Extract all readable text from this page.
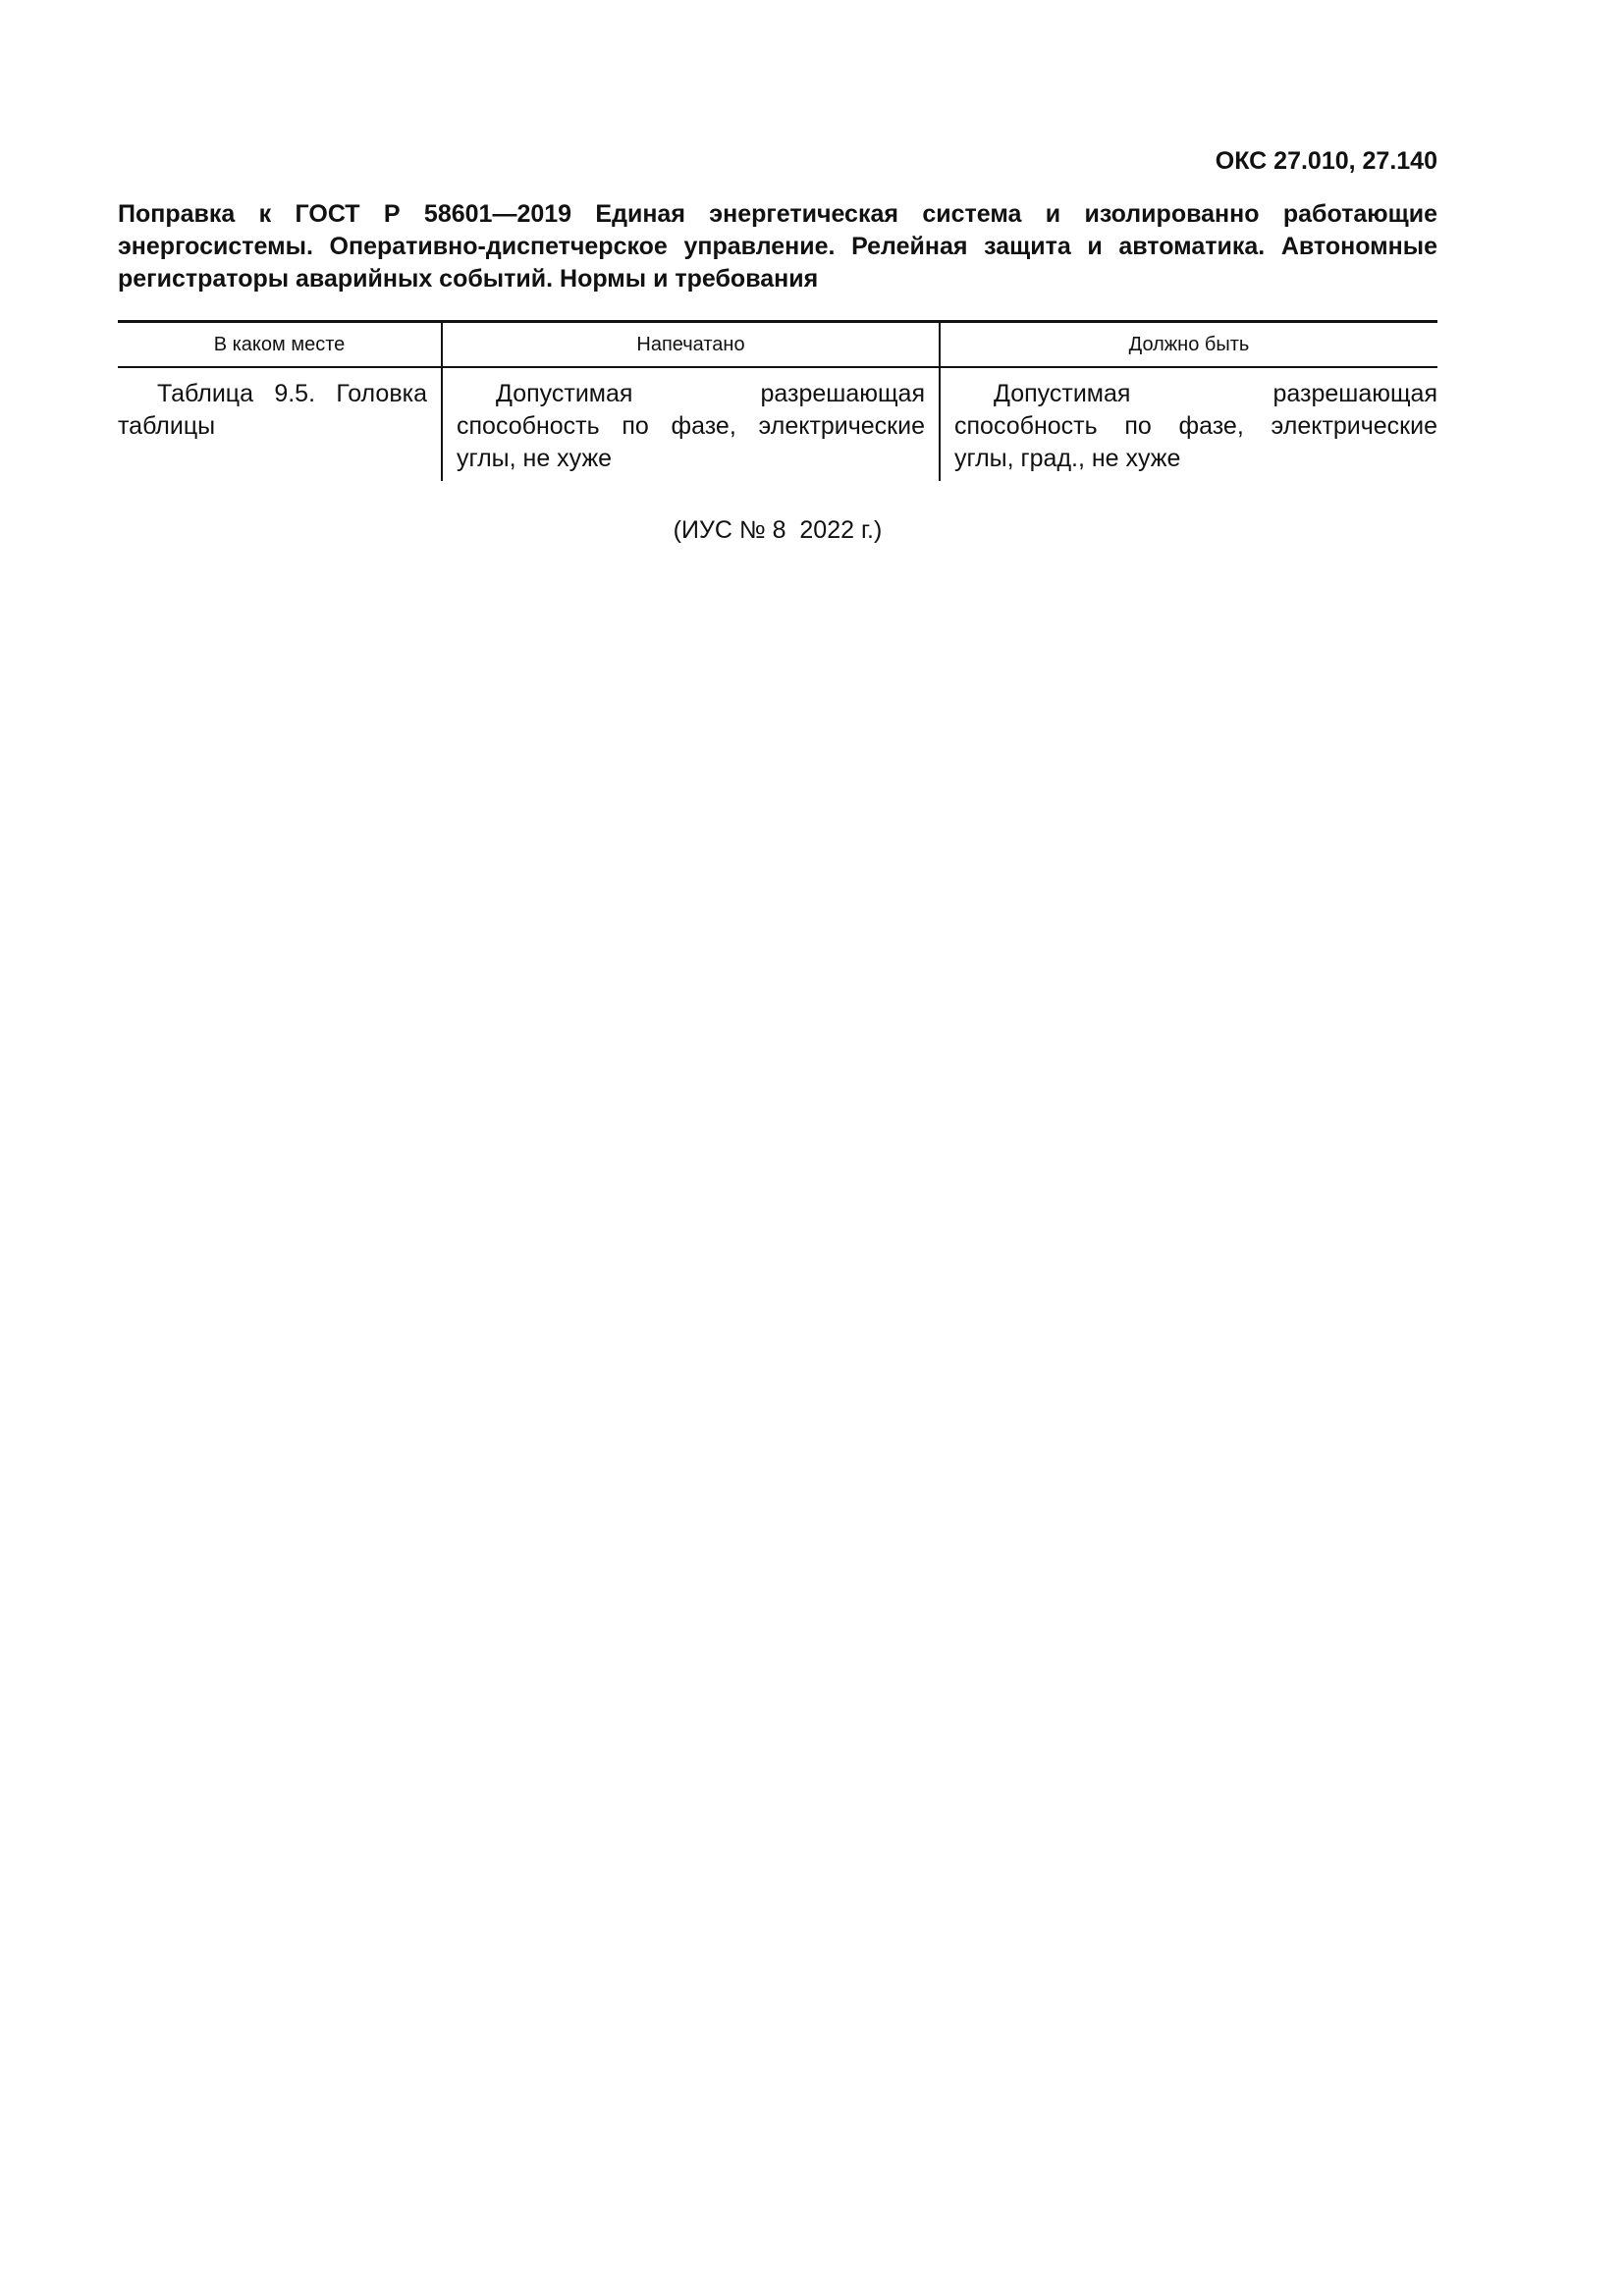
ОКС 27.010, 27.140
Поправка к ГОСТ Р 58601—2019 Единая энергетическая система и изолированно работающие энергосистемы. Оперативно-диспетчерское управление. Релейная защита и автоматика. Автономные регистраторы аварийных событий. Нормы и требования
В каком месте	Напечатано	Должно быть
Таблица 9.5. Головка таблицы	Допустимая разрешающая способность по фазе, электрические углы, не хуже	Допустимая разрешающая способность по фазе, электрические углы, град., не хуже
(ИУС № 8  2022 г.)
